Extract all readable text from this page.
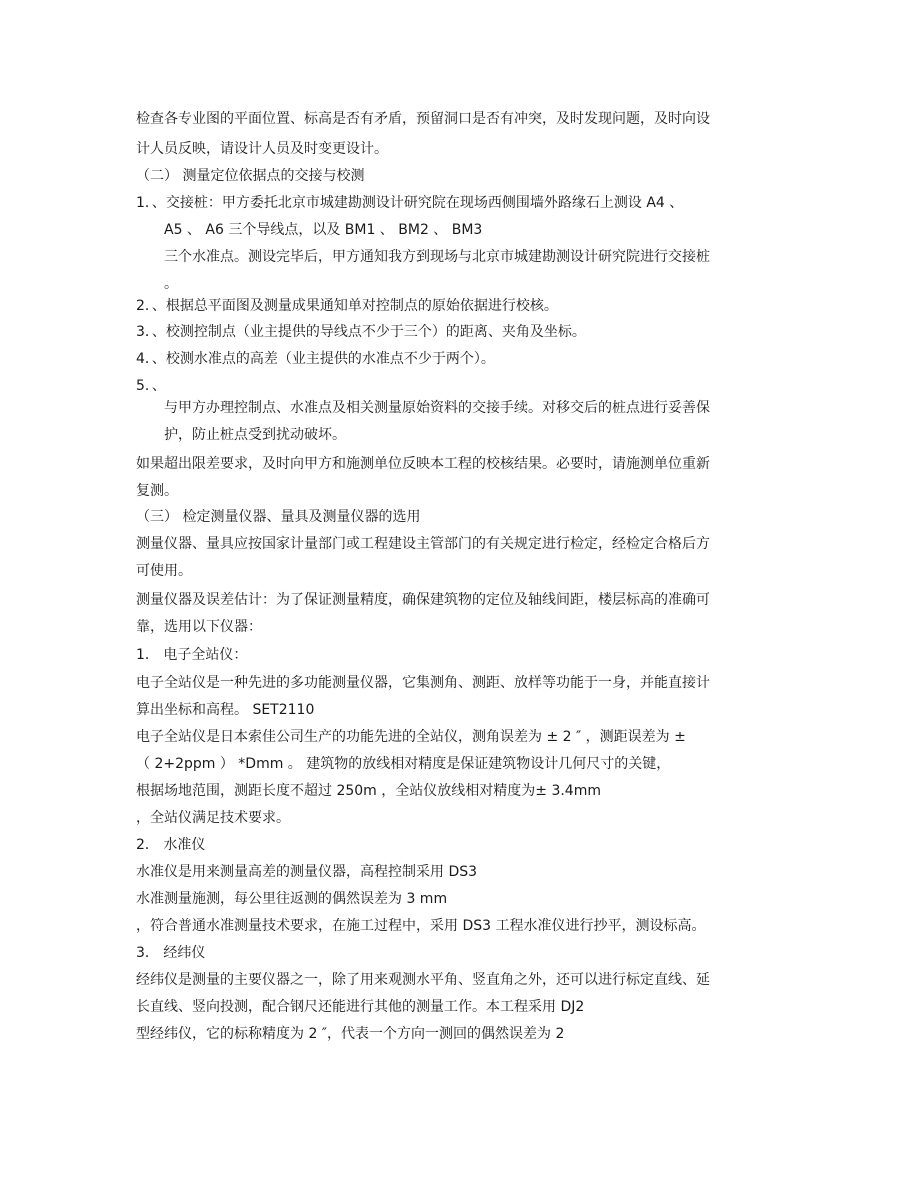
检查各专业图的平面位置、标高是否有矛盾，预留洞口是否有冲突，及时发现问题，及时向设
计人员反映，请设计人员及时变更设计。
（二） 测量定位依据点的交接与校测
1．、交接桩：甲方委托北京市城建勘测设计研究院在现场西侧围墙外路缘石上测设 A4 、
A5 、 A6 三个导线点，以及 BM1 、 BM2 、 BM3
三个水准点。测设完毕后，甲方通知我方到现场与北京市城建勘测设计研究院进行交接桩
。
2．、根据总平面图及测量成果通知单对控制点的原始依据进行校核。
3．、校测控制点（业主提供的导线点不少于三个）的距离、夹角及坐标。
4．、校测水准点的高差（业主提供的水准点不少于两个）。
5．、
与甲方办理控制点、水准点及相关测量原始资料的交接手续。对移交后的桩点进行妥善保
护，防止桩点受到扰动破坏。
如果超出限差要求，及时向甲方和施测单位反映本工程的校核结果。必要时，请施测单位重新
复测。
（三） 检定测量仪器、量具及测量仪器的选用
测量仪器、量具应按国家计量部门或工程建设主管部门的有关规定进行检定，经检定合格后方
可使用。
测量仪器及误差估计：为了保证测量精度，确保建筑物的定位及轴线间距，楼层标高的准确可
靠，选用以下仪器：
1． 电子全站仪：
电子全站仪是一种先进的多功能测量仪器，它集测角、测距、放样等功能于一身，并能直接计
算出坐标和高程。 SET2110
电子全站仪是日本索佳公司生产的功能先进的全站仪，测角误差为 ± 2 ″ ，测距误差为 ±
（ 2+2ppm ） *Dmm 。 建筑物的放线相对精度是保证建筑物设计几何尺寸的关键，
根据场地范围，测距长度不超过 250m ，全站仪放线相对精度为± 3.4mm
，全站仪满足技术要求。
2． 水准仪
水准仪是用来测量高差的测量仪器，高程控制采用 DS3
水准测量施测，每公里往返测的偶然误差为 3 mm
，符合普通水准测量技术要求，在施工过程中，采用 DS3 工程水准仪进行抄平，测设标高。
3． 经纬仪
经纬仪是测量的主要仪器之一，除了用来观测水平角、竖直角之外，还可以进行标定直线、延
长直线、竖向投测，配合钢尺还能进行其他的测量工作。本工程采用 DJ2
型经纬仪，它的标称精度为 2 ″，代表一个方向一测回的偶然误差为 2
